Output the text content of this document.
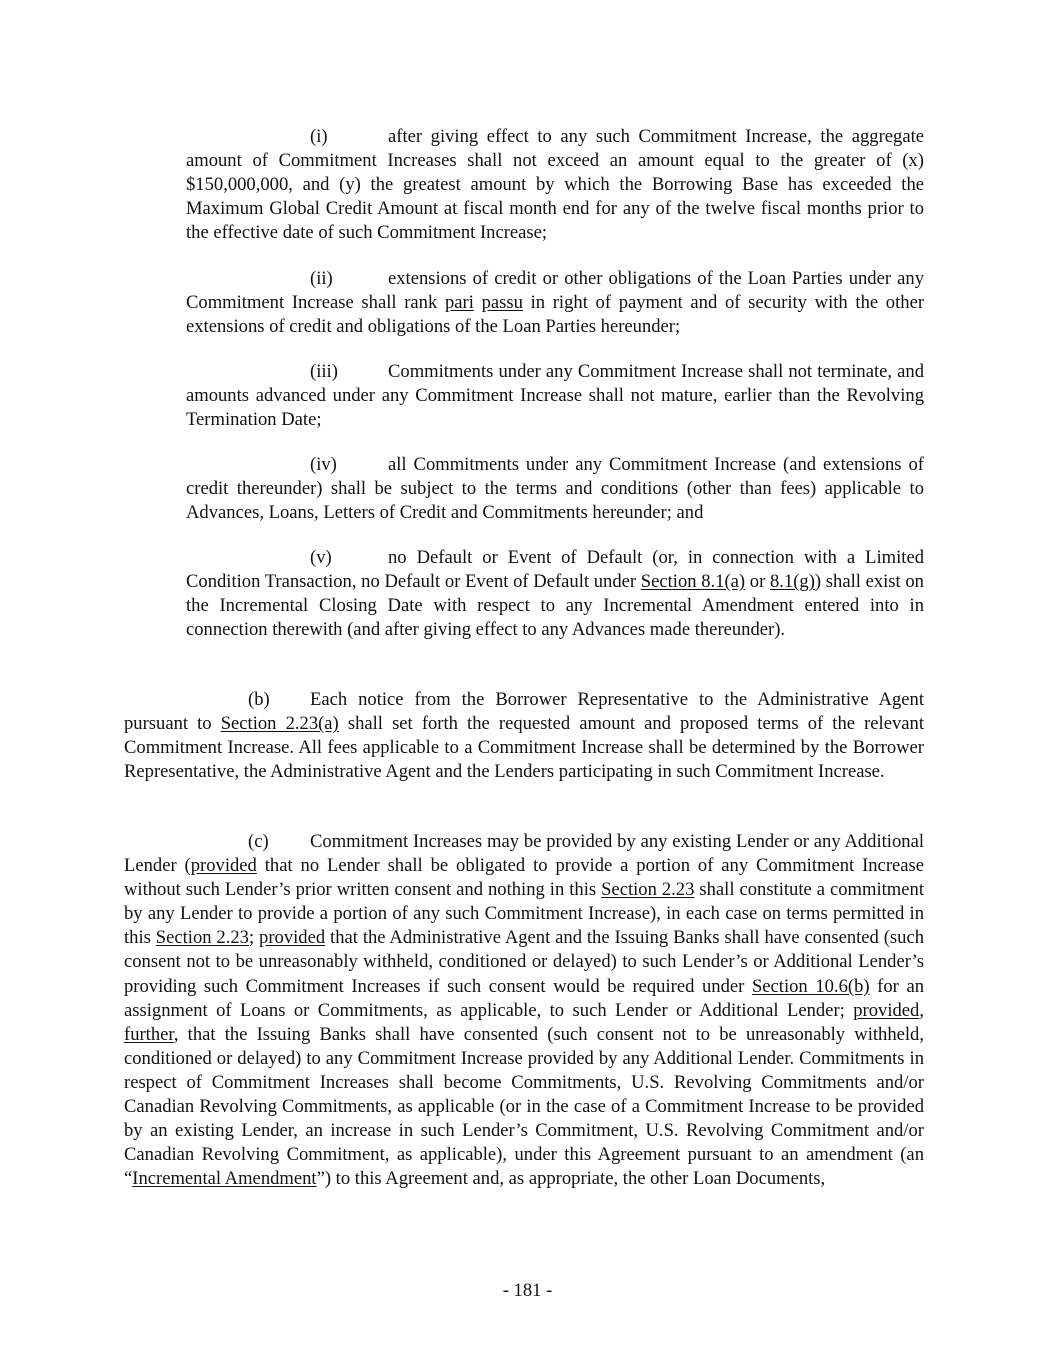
(i)	after giving effect to any such Commitment Increase, the aggregate amount of Commitment Increases shall not exceed an amount equal to the greater of (x) $150,000,000, and (y) the greatest amount by which the Borrowing Base has exceeded the Maximum Global Credit Amount at fiscal month end for any of the twelve fiscal months prior to the effective date of such Commitment Increase;

(ii)	extensions of credit or other obligations of the Loan Parties under any Commitment Increase shall rank pari passu in right of payment and of security with the other extensions of credit and obligations of the Loan Parties hereunder;

(iii)	Commitments under any Commitment Increase shall not terminate, and amounts advanced under any Commitment Increase shall not mature, earlier than the Revolving Termination Date;

(iv)	all Commitments under any Commitment Increase (and extensions of credit thereunder) shall be subject to the terms and conditions (other than fees) applicable to Advances, Loans, Letters of Credit and Commitments hereunder; and

(v)	no Default or Event of Default (or, in connection with a Limited Condition Transaction, no Default or Event of Default under Section 8.1(a) or 8.1(g)) shall exist on the Incremental Closing Date with respect to any Incremental Amendment entered into in connection therewith (and after giving effect to any Advances made thereunder).

(b) Each notice from the Borrower Representative to the Administrative Agent pursuant to Section 2.23(a) shall set forth the requested amount and proposed terms of the relevant Commitment Increase. All fees applicable to a Commitment Increase shall be determined by the Borrower Representative, the Administrative Agent and the Lenders participating in such Commitment Increase.

(c) Commitment Increases may be provided by any existing Lender or any Additional Lender (provided that no Lender shall be obligated to provide a portion of any Commitment Increase without such Lender’s prior written consent and nothing in this Section 2.23 shall constitute a commitment by any Lender to provide a portion of any such Commitment Increase), in each case on terms permitted in this Section 2.23; provided that the Administrative Agent and the Issuing Banks shall have consented (such consent not to be unreasonably withheld, conditioned or delayed) to such Lender’s or Additional Lender’s providing such Commitment Increases if such consent would be required under Section 10.6(b) for an assignment of Loans or Commitments, as applicable, to such Lender or Additional Lender; provided, further, that the Issuing Banks shall have consented (such consent not to be unreasonably withheld, conditioned or delayed) to any Commitment Increase provided by any Additional Lender. Commitments in respect of Commitment Increases shall become Commitments, U.S. Revolving Commitments and/or Canadian Revolving Commitments, as applicable (or in the case of a Commitment Increase to be provided by an existing Lender, an increase in such Lender’s Commitment, U.S. Revolving Commitment and/or Canadian Revolving Commitment, as applicable), under this Agreement pursuant to an amendment (an “Incremental Amendment”) to this Agreement and, as appropriate, the other Loan Documents,

- 181 -
